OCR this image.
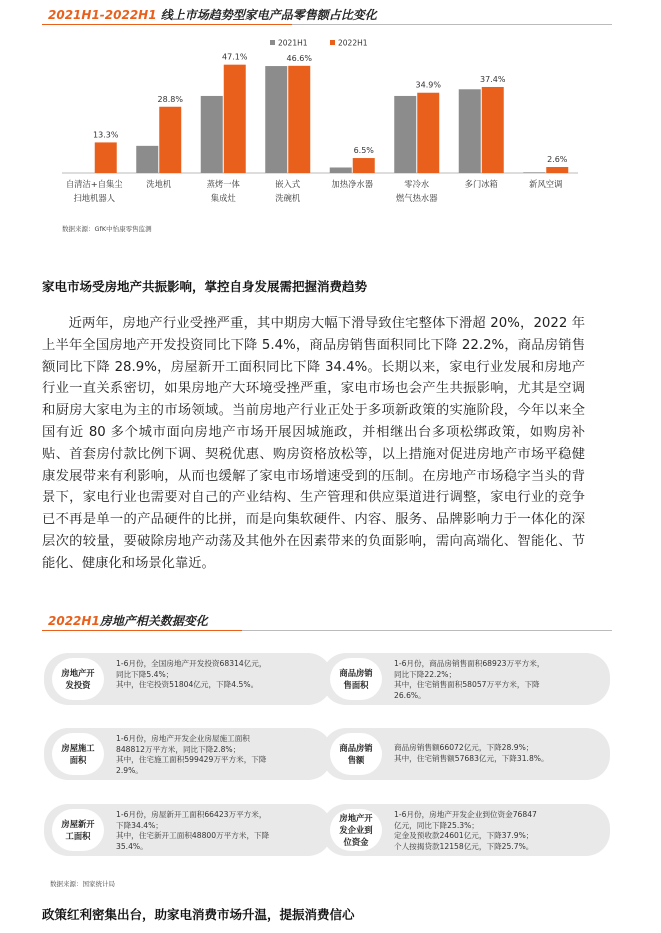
2021H1-2022H1 线上市场趋势型家电产品零售额占比变化
13.3%
自清洁+自集尘
扫地机器人
28.8%
洗地机
47.1%
蒸烤一体
集成灶
46.6%
嵌入式
洗碗机
6.5%
加热净水器
34.9%
零冷水
燃气热水器
37.4%
多门冰箱
2.6%
新风空调
2021H1	2022H1
数据来源：GfK中怡康零售监测
家电市场受房地产共振影响，掌控自身发展需把握消费趋势

近两年，房地产行业受挫严重，其中期房大幅下滑导致住宅整体下滑超 20%，2022 年上半年全国房地产开发投资同比下降 5.4%，商品房销售面积同比下降 22.2%，商品房销售额同比下降 28.9%，房屋新开工面积同比下降 34.4%。长期以来，家电行业发展和房地产行业一直关系密切，如果房地产大环境受挫严重，家电市场也会产生共振影响，尤其是空调和厨房大家电为主的市场领域。当前房地产行业正处于多项新政策的实施阶段，今年以来全国有近 80 多个城市面向房地产市场开展因城施政，并相继出台多项松绑政策，如购房补贴、首套房付款比例下调、契税优惠、购房资格放松等，以上措施对促进房地产市场平稳健康发展带来有利影响，从而也缓解了家电市场增速受到的压制。在房地产市场稳字当头的背景下，家电行业也需要对自己的产业结构、生产管理和供应渠道进行调整，家电行业的竞争已不再是单一的产品硬件的比拼，而是向集软硬件、内容、服务、品牌影响力于一体化的深层次的较量，要破除房地产动荡及其他外在因素带来的负面影响，需向高端化、智能化、节能化、健康化和场景化靠近。

2022H1房地产相关数据变化
房地产开
发投资
1-6月份，全国房地产开发投资68314亿元，
同比下降5.4%；
其中，住宅投资51804亿元，下降4.5%。
商品房销
售面积
1-6月份，商品房销售面积68923万平方米，
同比下降22.2%；
其中，住宅销售面积58057万平方米，下降
26.6%。
房屋施工
面积
1-6月份，房地产开发企业房屋施工面积
848812万平方米，同比下降2.8%；
其中，住宅施工面积599429万平方米，下降
2.9%。
商品房销
售额
商品房销售额66072亿元，下降28.9%；
其中，住宅销售额57683亿元，下降31.8%。
房屋新开
工面积
1-6月份，房屋新开工面积66423万平方米，
下降34.4%；
其中，住宅新开工面积48800万平方米，下降
35.4%。
房地产开
发企业到
位资金
1-6月份，房地产开发企业到位资金76847
亿元，同比下降25.3%；
定金及预收款24601亿元，下降37.9%；
个人按揭贷款12158亿元，下降25.7%。
数据来源：国家统计局
政策红利密集出台，助家电消费市场升温，提振消费信心
